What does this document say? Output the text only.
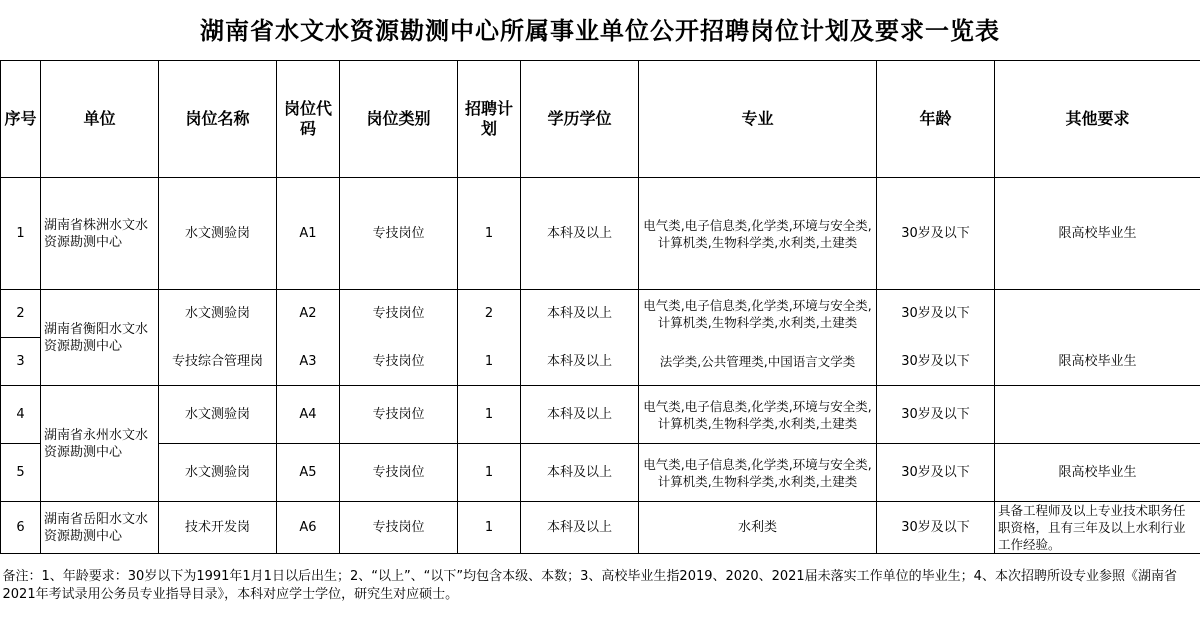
湖南省水文水资源勘测中心所属事业单位公开招聘岗位计划及要求一览表
序号	单位	岗位名称	岗位代码	岗位类别	招聘计划	学历学位	专业	年龄	其他要求
1	湖南省株洲水文水资源勘测中心	水文测验岗	A1	专技岗位	1	本科及以上	电气类,电子信息类,化学类,环境与安全类,计算机类,生物科学类,水利类,土建类	30岁及以下	限高校毕业生
2	湖南省衡阳水文水资源勘测中心	水文测验岗	A2	专技岗位	2	本科及以上	电气类,电子信息类,化学类,环境与安全类,计算机类,生物科学类,水利类,土建类	30岁及以下	
3		专技综合管理岗	A3	专技岗位	1	本科及以上	法学类,公共管理类,中国语言文学类	30岁及以下	限高校毕业生
4	湖南省永州水文水资源勘测中心	水文测验岗	A4	专技岗位	1	本科及以上	电气类,电子信息类,化学类,环境与安全类,计算机类,生物科学类,水利类,土建类	30岁及以下	
5		水文测验岗	A5	专技岗位	1	本科及以上	电气类,电子信息类,化学类,环境与安全类,计算机类,生物科学类,水利类,土建类	30岁及以下	限高校毕业生
6	湖南省岳阳水文水资源勘测中心	技术开发岗	A6	专技岗位	1	本科及以上	水利类	30岁及以下	具备工程师及以上专业技术职务任职资格，且有三年及以上水利行业工作经验。
备注：1、年龄要求：30岁以下为1991年1月1日以后出生；2、“以上”、“以下”均包含本级、本数；3、高校毕业生指2019、2020、2021届未落实工作单位的毕业生；4、本次招聘所设专业参照《湖南省2021年考试录用公务员专业指导目录》，本科对应学士学位，研究生对应硕士。									
